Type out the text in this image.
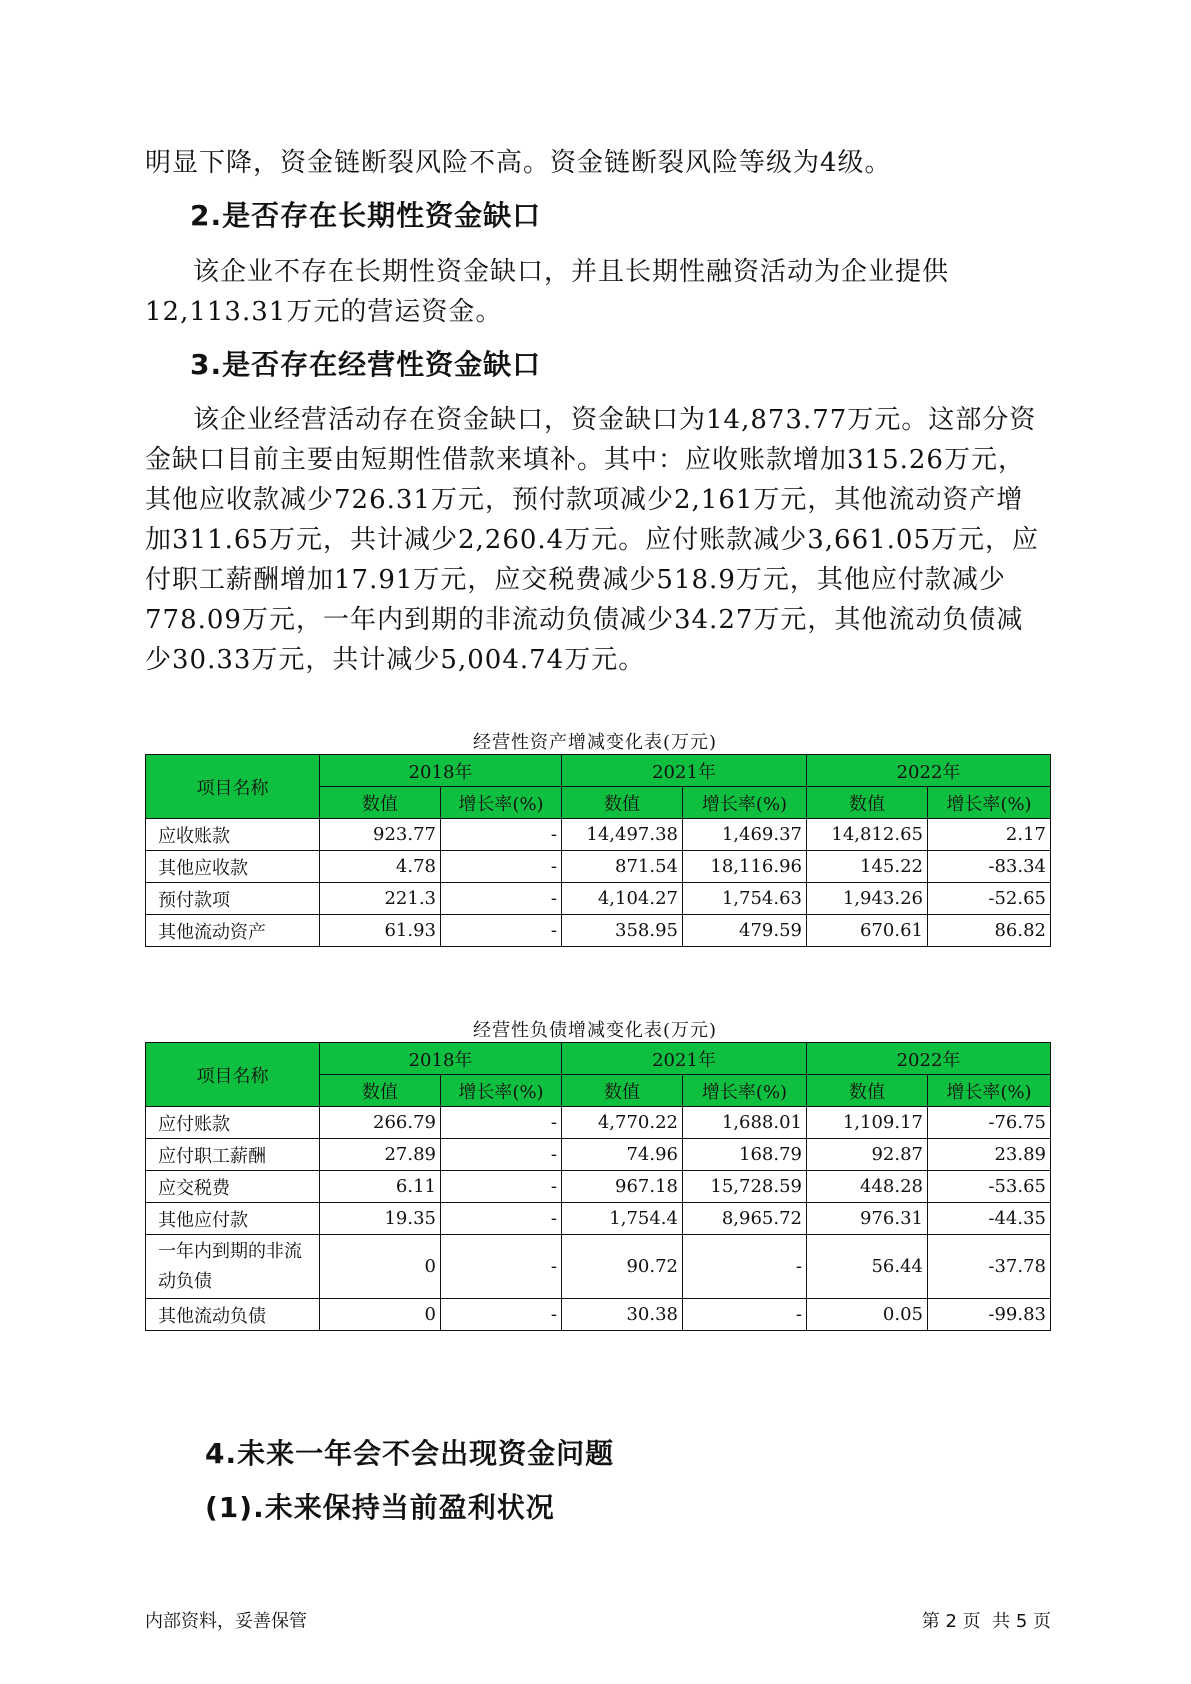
明显下降，资金链断裂风险不高。资金链断裂风险等级为4级。

2.是否存在长期性资金缺口

该企业不存在长期性资金缺口，并且长期性融资活动为企业提供12,113.31万元的营运资金。

3.是否存在经营性资金缺口

该企业经营活动存在资金缺口，资金缺口为14,873.77万元。这部分资金缺口目前主要由短期性借款来填补。其中：应收账款增加315.26万元，其他应收款减少726.31万元，预付款项减少2,161万元，其他流动资产增加311.65万元，共计减少2,260.4万元。应付账款减少3,661.05万元，应付职工薪酬增加17.91万元，应交税费减少518.9万元，其他应付款减少778.09万元，一年内到期的非流动负债减少34.27万元，其他流动负债减少30.33万元，共计减少5,004.74万元。

经营性资产增减变化表(万元)
项目名称	2018年		2021年		2022年	
	数值	增长率(%)	数值	增长率(%)	数值	增长率(%)
应收账款	923.77	-	14,497.38	1,469.37	14,812.65	2.17
其他应收款	4.78	-	871.54	18,116.96	145.22	-83.34
预付款项	221.3	-	4,104.27	1,754.63	1,943.26	-52.65
其他流动资产	61.93	-	358.95	479.59	670.61	86.82
经营性负债增减变化表(万元)
项目名称	2018年		2021年		2022年	
	数值	增长率(%)	数值	增长率(%)	数值	增长率(%)
应付账款	266.79	-	4,770.22	1,688.01	1,109.17	-76.75
应付职工薪酬	27.89	-	74.96	168.79	92.87	23.89
应交税费	6.11	-	967.18	15,728.59	448.28	-53.65
其他应付款	19.35	-	1,754.4	8,965.72	976.31	-44.35
一年内到期的非流动负债	0	-	90.72	-	56.44	-37.78
其他流动负债	0	-	30.38	-	0.05	-99.83
4.未来一年会不会出现资金问题
(1).未来保持当前盈利状况
内部资料，妥善保管	第 2 页  共 5 页
